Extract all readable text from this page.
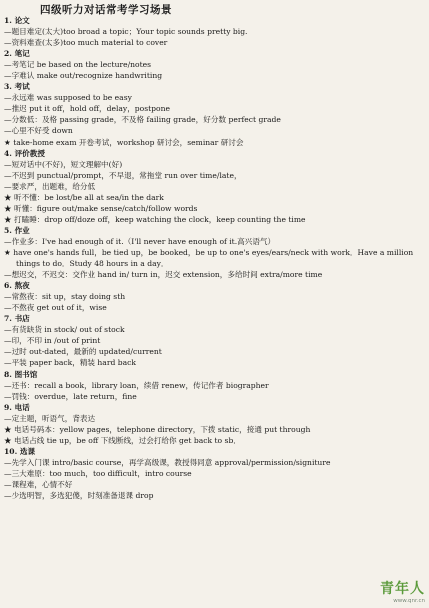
四级听力对话常考学习场景
1. 论文
—题目难定(太大)too broad a topic；Your topic sounds pretty big.
—资料难查(太多)too much material to cover
2. 笔记
—考笔记 be based on the lecture/notes
—字难认 make out/recognize handwriting
3. 考试
—永远难 was supposed to be easy
—推迟 put it off，hold off，delay，postpone
—分数低：及格 passing grade，不及格 failing grade，好分数 perfect grade
—心里不好受 down
★ take-home exam 开卷考试，workshop 研讨会，seminar 研讨会
4. 评价教授
—短对话中(不好)，短文理解中(好)
—不迟到 punctual/prompt，不早退，常拖堂 run over time/late，
—要求严，出题难，给分低
★ 听不懂：be lost/be all at sea/in the dark
★ 听懂：figure out/make sense/catch/follow words
★ 打瞌睡：drop off/doze off，keep watching the clock，keep counting the time
5. 作业
—作业多：I've had enough of it.（I'll never have enough of it.高兴语气）
★ have one's hands full，be tied up，be booked，be up to one's eyes/ears/neck with work．Have a million
things to do．Study 48 hours in a day．
—想迟交，不迟交：交作业 hand in/ turn in，迟交 extension，多给时间 extra/more time
6. 熬夜
—常熬夜：sit up，stay doing sth
—不熬夜 get out of it，wise
7. 书店
—有货缺货 in stock/ out of stock
—印，不印 in /out of print
—过时 out-dated，最新的 updated/current
—平装 paper back，精装 hard back
8. 图书馆
—还书：recall a book，library loan，续借 renew，传记作者 biographer
—罚钱：overdue，late return，fine
9. 电话
—定主题，听语气，背表达
★ 电话号码本：yellow pages，telephone directory，下拨 static，接通 put through
★ 电话占线 tie up，be off 下线断线，过会打给你 get back to sb．
10. 选课
—先学入门课 intro/basic course，再学高级课，教授得同意 approval/permission/signiture
—三大难原：too much，too difficult，intro course
—课程难，心情不好
—少选明智，多选犯傻，时刻准备退课 drop
青年人
www.qnr.cn
